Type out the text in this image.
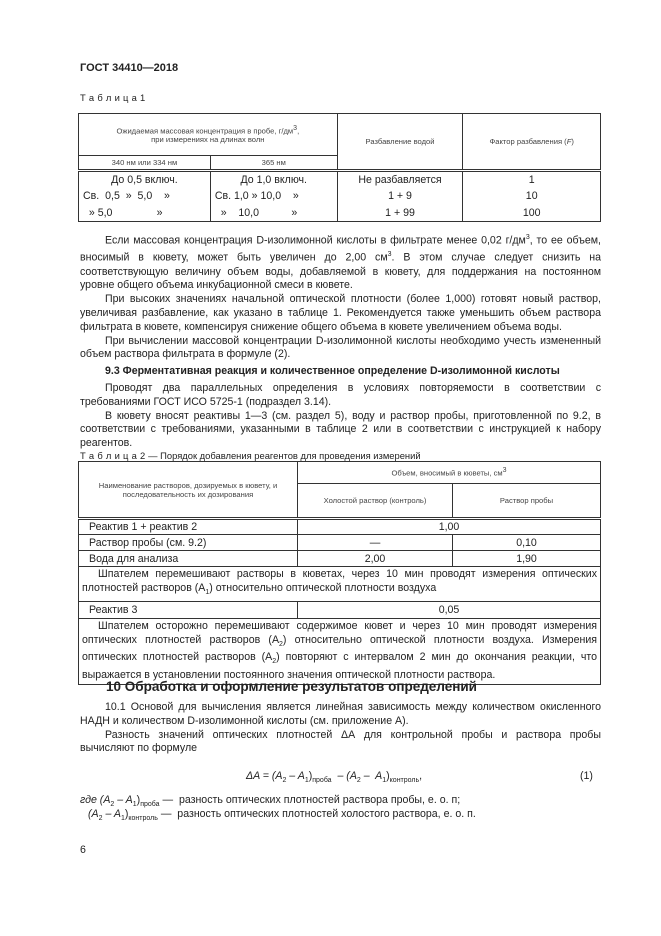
ГОСТ 34410—2018
Т а б л и ц а 1
Ожидаемая массовая концентрация в пробе, $г/дм^3$,
при измерениях на длинах волн		Разбавление водой	Фактор разбавления (F)
340 нм или 334 нм	365 нм		
До 0,5 включ.	До 1,0 включ.	Не разбавляется	1
Св.  0,5  »  5,0    »	Св. 1,0 » 10,0    »	1 + 9	10
» 5,0               »	»    10,0           »	1 + 99	100

Если массовая концентрация D-изолимонной кислоты в фильтрате менее 0,02 $г/дм^3$, то ее объем, вносимый в кювету, может быть увеличен до 2,00 $см^3$. В этом случае следует снизить на соответствующую величину объем воды, добавляемой в кювету, для поддержания на постоянном уровне общего объема инкубационной смеси в кювете.

При высоких значениях начальной оптической плотности (более 1,000) готовят новый раствор, увеличивая разбавление, как указано в таблице 1. Рекомендуется также уменьшить объем раствора фильтрата в кювете, компенсируя снижение общего объема в кювете увеличением объема воды.

При вычислении массовой концентрации D-изолимонной кислоты необходимо учесть измененный объем раствора фильтрата в формуле (2).

9.3 Ферментативная реакция и количественное определение D-изолимонной кислоты

Проводят два параллельных определения в условиях повторяемости в соответствии с требованиями ГОСТ ИСО 5725-1 (подраздел 3.14).

В кювету вносят реактивы 1—3 (см. раздел 5), воду и раствор пробы, приготовленной по 9.2, в соответствии с требованиями, указанными в таблице 2 или в соответствии с инструкцией к набору реагентов.

Т а б л и ц а 2 — Порядок добавления реагентов для проведения измерений
Наименование растворов, дозируемых в кювету, и последовательность их дозирования	Объем, вносимый в кюветы, $см^3$
	Холостой раствор (контроль)	Раствор пробы
Реактив 1 + реактив 2	1,00	
Раствор пробы (см. 9.2)	—	0,10
Вода для анализа	2,00	1,90
Шпателем перемешивают растворы в кюветах, через 10 мин проводят измерения оптических плотностей растворов $(А_1)$ относительно оптической плотности воздуха		
Реактив 3	0,05	
Шпателем осторожно перемешивают содержимое кювет и через 10 мин проводят измерения оптических плотностей растворов $(А_2)$ относительно оптической плотности воздуха. Измерения оптических плотностей растворов $(А_2)$ повторяют с интервалом 2 мин до окончания реакции, что выражается в установлении постоянного значения оптической плотности раствора.		
10 Обработка и оформление результатов определений

10.1 Основой для вычисления является линейная зависимость между количеством окисленного НАДН и количеством D-изолимонной кислоты (см. приложение А).

Разность значений оптических плотностей ΔА для контрольной пробы и раствора пробы вычисляют по формуле

$\Delta A = (A_2 - A_1)_{проба} - (A_2 - A_1)_{контроль}$,	(1)
где $(A_2 - A_1)_{проба}$ —  разность оптических плотностей раствора пробы, е. о. п;
$(A_2 - A_1)_{контроль}$ —  разность оптических плотностей холостого раствора, е. о. п.
6
